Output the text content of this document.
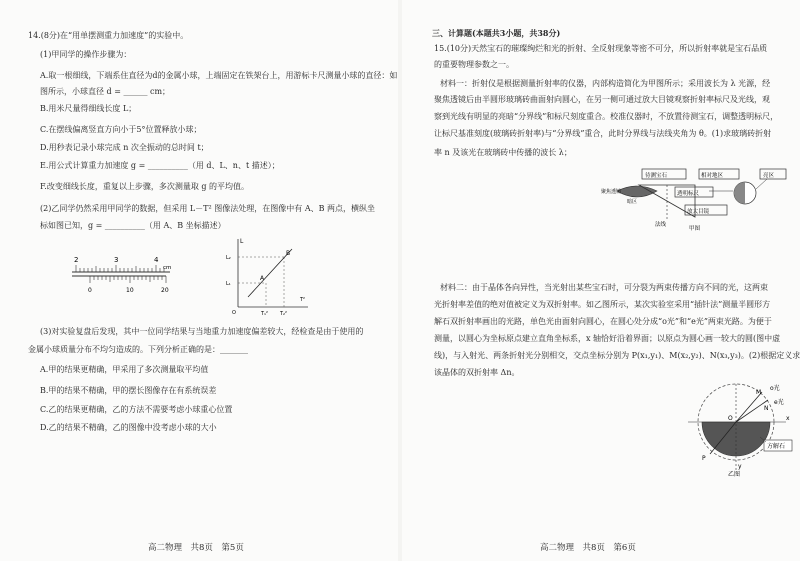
14.(8分)在“用单摆测重力加速度”的实验中。
(1)甲同学的操作步骤为：
A.取一根细线，下端系住直径为d的金属小球，上端固定在铁架台上，用游标卡尺测量小球的直径：如
图所示，小球直径 d = ______ cm；
B.用米尺量得细线长度 L；
C.在摆线偏离竖直方向小于5°位置释放小球；
D.用秒表记录小球完成 n 次全振动的总时间 t；
E.用公式计算重力加速度 g = __________（用 d、L、n、t 描述）；
F.改变细线长度，重复以上步骤，多次测量取 g 的平均值。
(2)乙同学仍然采用甲同学的数据，但采用 L－T² 图像法处理，在图像中有 A、B 两点，横纵坐
标如图已知，g = __________（用 A、B 坐标描述）
2	3	4
cm
0	10	20
L
T²
L₂
L₁
T₁² T₂²
A
B
O
(3)对实验复盘后发现，其中一位同学结果与当地重力加速度偏差较大，经检查是由于使用的
金属小球质量分布不均匀造成的。下列分析正确的是：_______
A.甲的结果更精确，甲采用了多次测量取平均值
B.甲的结果不精确，甲的摆长图像存在有系统误差
C.乙的结果更精确，乙的方法不需要考虑小球重心位置
D.乙的结果不精确，乙的图像中没考虑小球的大小
高二物理　共8页　第5页
三、计算题(本题共3小题，共38分)
15.(10分)天然宝石的璀璨绚烂和光的折射、全反射现象等密不可分，所以折射率就是宝石品质
的重要物理参数之一。
材料一：折射仪是根据测量折射率的仪器，内部构造简化为甲图所示；采用波长为 λ 光源，经
聚焦透镜后由半圆形玻璃砖曲面射向圆心，在另一侧可通过放大目镜观察折射率标尺及光线，观
察到光线有明显的亮暗“分界线”和标尺刻度重合。校准仪器时，不放置待测宝石，调整透明标尺，
让标尺基准刻度(玻璃砖折射率)与“分界线”重合，此时分界线与法线夹角为 θ。(1)求玻璃砖折射
率 n 及该光在玻璃砖中传播的波长 λ；
待测宝石	相对地区
暗区
聚焦透镜	透明标尺
亮区
法线
放大目镜
甲图
材料二：由于晶体各向异性，当光射出某些宝石时，可分裂为两束传播方向不同的光，这两束
光折射率差值的绝对值被定义为双折射率。如乙图所示，某次实验室采用“插针法”测量半圆形方
解石双折射率画出的光路，单色光由面射向圆心，在圆心处分成“o光”和“e光”两束光路。为便于
测量，以圆心为坐标原点建立直角坐标系，x 轴恰好沿着界面；以原点为圆心画一较大的圆(图中虚
线)，与入射光、两条折射光分别相交，交点坐标分别为 P(x₁,y₁)、M(x₂,y₂)、N(x₃,y₃)。(2)根据定义求
该晶体的双折射率 Δn。
o光
e光
O
M
N
P
x
y
方解石
乙图
高二物理　共8页　第6页
